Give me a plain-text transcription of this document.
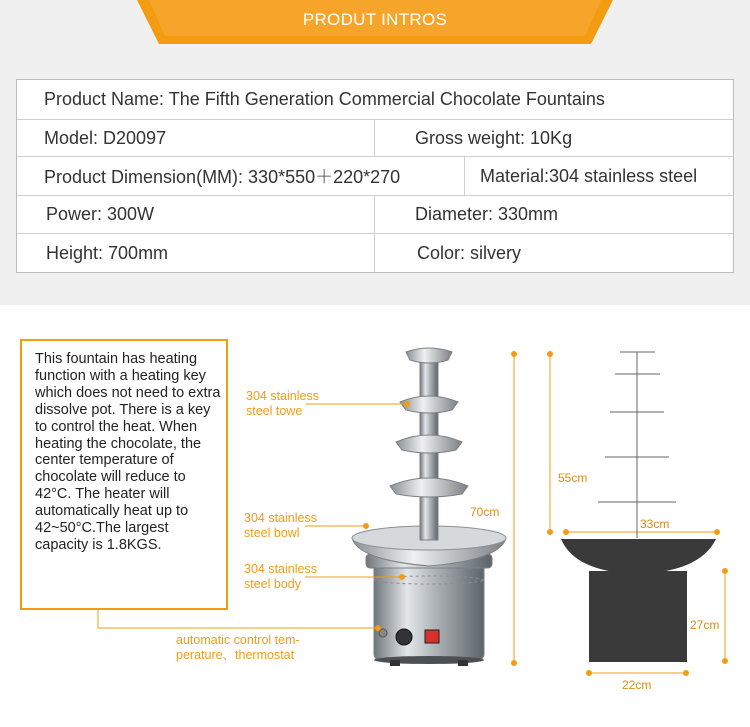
PRODUT INTROS
Product Name: The Fifth Generation Commercial Chocolate Fountains
Model: D20097	Gross weight: 10Kg
Product Dimension(MM): 330*550＋220*270	Material:304 stainless steel
Power: 300W	Diameter: 330mm
Height: 700mm	Color: silvery
This fountain has heating function with a heating key which does not need to extra dissolve pot. There is a key to control the heat. When heating the chocolate, the center temperature of chocolate will reduce to 42°C. The heater will automatically heat up to 42~50°C.The largest capacity is 1.8KGS.
304 stainless
steel towe
304 stainless
steel bowl
304 stainless
steel body
automatic control tem-
perature、thermostat
70cm
55cm
33cm
27cm
22cm
